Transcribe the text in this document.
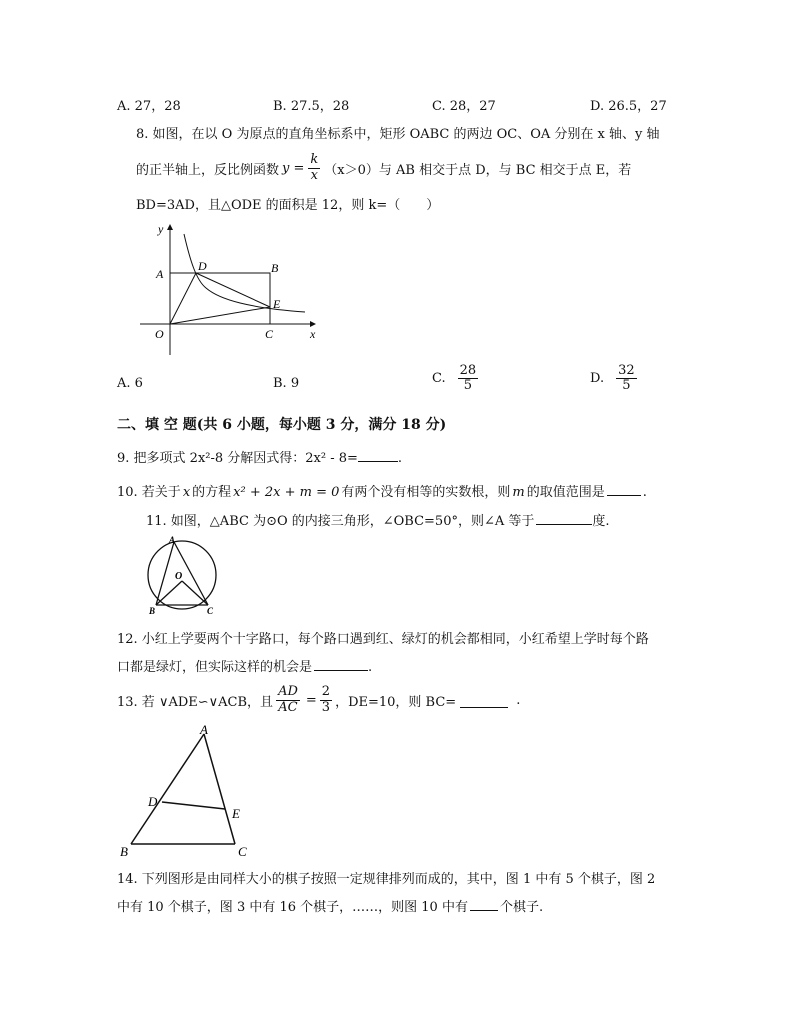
A. 27，28	B. 27.5，28	C. 28，27	D. 26.5，27
8. 如图，在以 O 为原点的直角坐标系中，矩形 OABC 的两边 OC、OA 分别在 x 轴、y 轴
的正半轴上，反比例函数 $y = \frac{k}{x} (x>0)$ 与 AB 相交于点 D，与 BC 相交于点 E，若
BD=3AD，且△ODE 的面积是 12，则 k=（　　）
y
x
A
D	B
E
O	C
A. 6	B. 9	C. $\frac{28}{5}$	D. $\frac{32}{5}$
二、填 空 题(共 6 小题，每小题 3 分，满分 18 分)
9. 把多项式 2x²-8 分解因式得：2x² - 8=	.
10. 若关于 x 的方程 x² + 2x + m = 0 有两个没有相等的实数根，则 m 的取值范围是	.
11. 如图，△ABC 为⊙O 的内接三角形，∠OBC=50°，则∠A 等于	度.
A
O
B	C
12. 小红上学要两个十字路口，每个路口遇到红、绿灯的机会都相同，小红希望上学时每个路
口都是绿灯，但实际这样的机会是	.
13. 若 ∨ADE∽∨ACB，且 $\frac{AD}{AC} = \frac{2}{3}$ ，DE=10，则 BC=	.
A
D
E
B	C
14. 下列图形是由同样大小的棋子按照一定规律排列而成的，其中，图 1 中有 5 个棋子，图 2
中有 10 个棋子，图 3 中有 16 个棋子，……，则图 10 中有 个棋子.
